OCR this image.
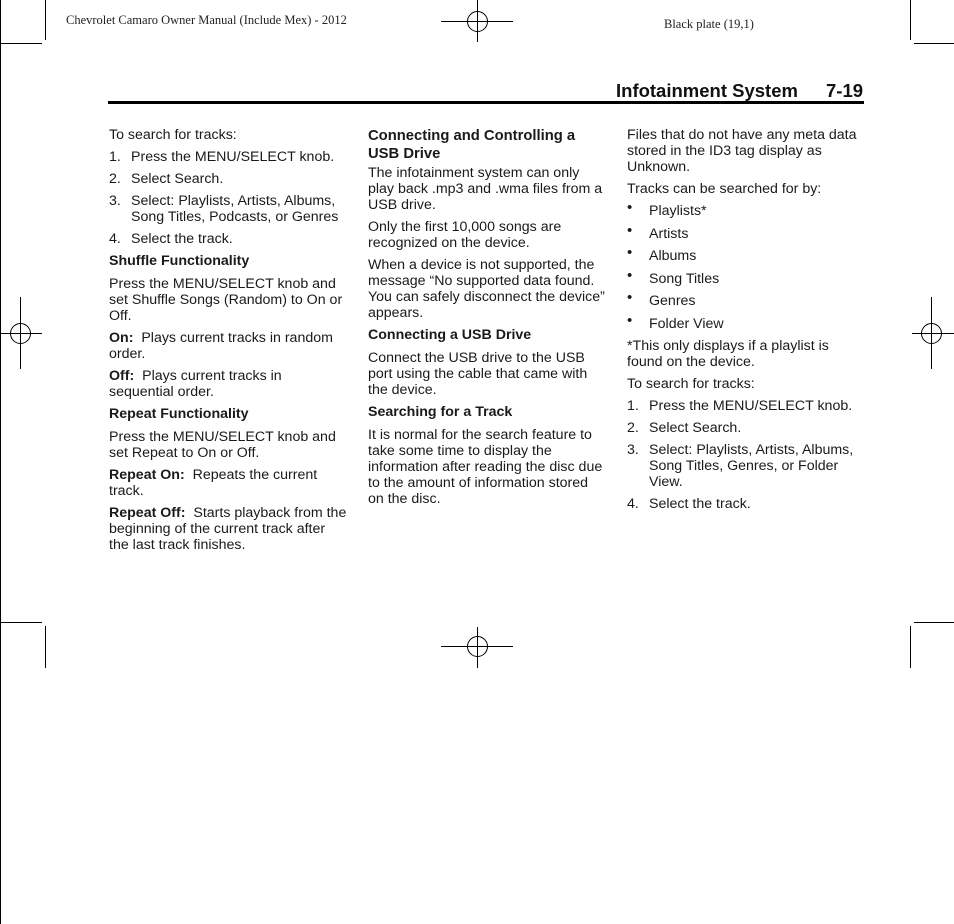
Chevrolet Camaro Owner Manual (Include Mex) - 2012	Black plate (19,1)
Infotainment System 7-19

To search for tracks:

1. Press the MENU/SELECT knob.
2. Select Search.
3. Select: Playlists, Artists, Albums, Song Titles, Podcasts, or Genres
4. Select the track.

Shuffle Functionality

Press the MENU/SELECT knob and set Shuffle Songs (Random) to On or Off.

On: Plays current tracks in random order.

Off: Plays current tracks in sequential order.

Repeat Functionality

Press the MENU/SELECT knob and set Repeat to On or Off.

Repeat On: Repeats the current track.

Repeat Off: Starts playback from the beginning of the current track after the last track finishes.

Connecting and Controlling a USB Drive

The infotainment system can only play back .mp3 and .wma files from a USB drive.

Only the first 10,000 songs are recognized on the device.

When a device is not supported, the message “No supported data found. You can safely disconnect the device” appears.

Connecting a USB Drive

Connect the USB drive to the USB port using the cable that came with the device.

Searching for a Track

It is normal for the search feature to take some time to display the information after reading the disc due to the amount of information stored on the disc.

Files that do not have any meta data stored in the ID3 tag display as Unknown.

Tracks can be searched for by:

• Playlists*
• Artists
• Albums
• Song Titles
• Genres
• Folder View

*This only displays if a playlist is found on the device.

To search for tracks:

1. Press the MENU/SELECT knob.
2. Select Search.
3. Select: Playlists, Artists, Albums, Song Titles, Genres, or Folder View.
4. Select the track.
